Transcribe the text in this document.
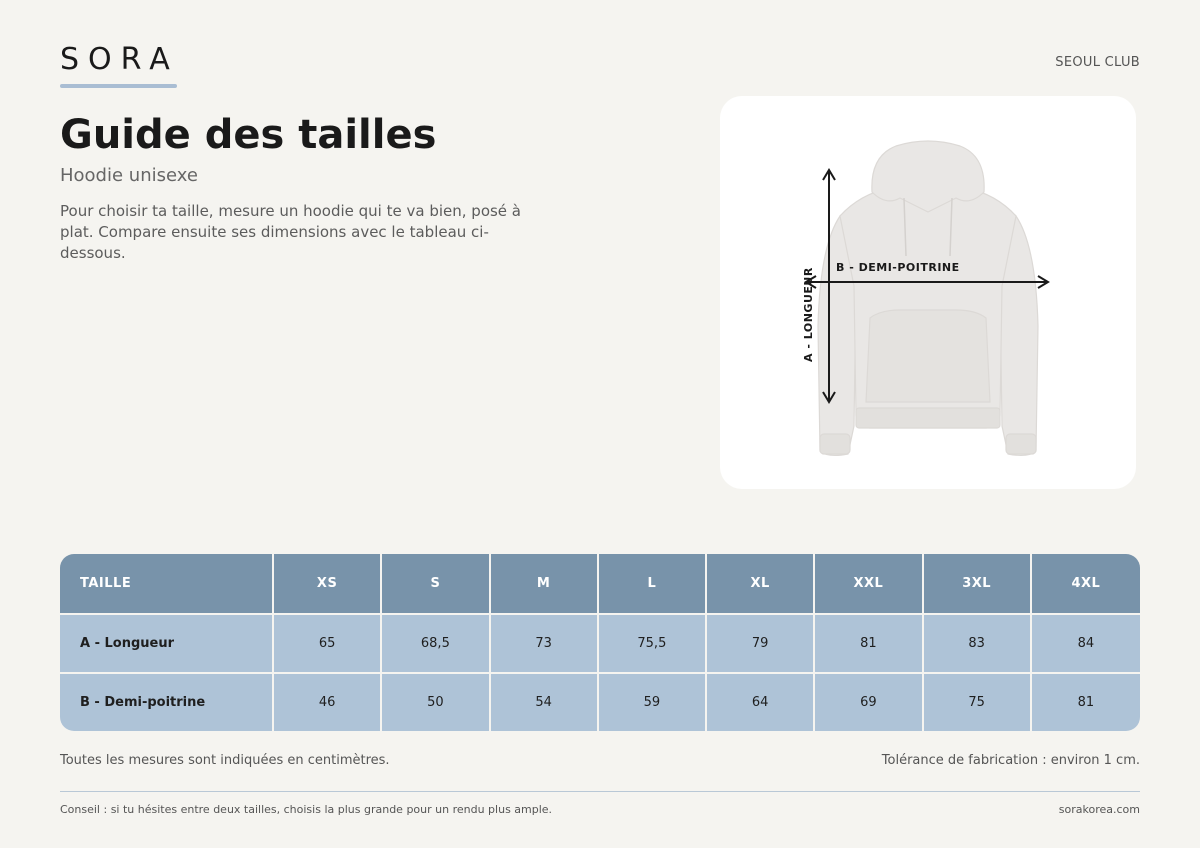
SORA	SEOUL CLUB
Guide des tailles
Hoodie unisexe

Pour choisir ta taille, mesure un hoodie qui te va bien, posé à plat. Compare ensuite ses dimensions avec le tableau ci-dessous.

B - DEMI-POITRINE
A - LONGUEUR
TAILLE	XS	S	M	L	XL	XXL	3XL	4XL
A - Longueur	65	68,5	73	75,5	79	81	83	84
B - Demi-poitrine	46	50	54	59	64	69	75	81
Toutes les mesures sont indiquées en centimètres.	Tolérance de fabrication : environ 1 cm.
Conseil : si tu hésites entre deux tailles, choisis la plus grande pour un rendu plus ample.	sorakorea.com
